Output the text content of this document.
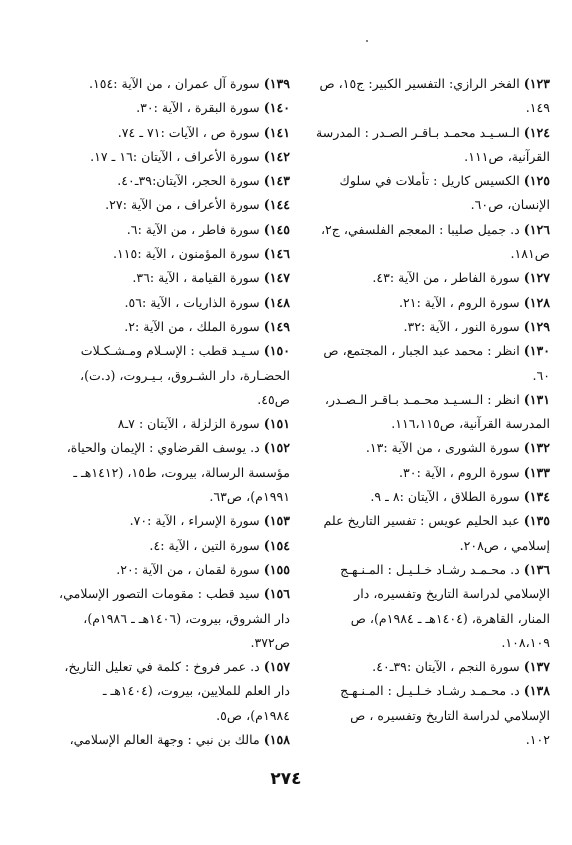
١٢٣)الفخر الرازي: التفسير الكبير: ج١٥، ص
١٤٩.
١٢٤)الـسـيـد محمـد بـاقـر الصـدر : المدرسة
القرآنية، ص١١١.
١٢٥)الكسيس كاريل : تأملات في سلوك
الإنسان، ص٦٠.
١٢٦)د. جميل صليبا : المعجم الفلسفي، ج٢،
ص١٨١.
١٢٧)سورة الفاطر ، من الآية :٤٣.
١٢٨)سورة الروم ، الآية :٢١.
١٢٩)سورة النور ، الآية :٣٢.
١٣٠)انظر : محمد عبد الجبار ، المجتمع، ص
٦٠.
١٣١)انظر : الـسـيـد محـمـد بـاقـر الـصـدر،
المدرسة القرآنية، ص١١٦،١١٥.
١٣٢)سورة الشورى ، من الآية :١٣.
١٣٣)سورة الروم ، الآية :٣٠.
١٣٤)سورة الطلاق ، الآيتان :٨ ـ ٩.
١٣٥)عبد الحليم عويس : تفسير التاريخ علم
إسلامي ، ص٢٠٨.
١٣٦)د. محـمـد رشـاد خـلـيـل : المـنـهـج
الإسلامي لدراسة التاريخ وتفسيره، دار
المنار، القاهرة، (١٤٠٤هـ ـ ١٩٨٤م)، ص
١٠٨،١٠٩.
١٣٧)سورة النجم ، الآيتان :٣٩ـ٤٠.
١٣٨)د. محـمـد رشـاد خـلـيـل : المـنـهـج
الإسلامي لدراسة التاريخ وتفسيره ، ص
١٠٢.
١٣٩)سورة آل عمران ، من الآية :١٥٤.
١٤٠)سورة البقرة ، الآية :٣٠.
١٤١)سورة ص ، الآيات :٧١ ـ ٧٤.
١٤٢)سورة الأعراف ، الآيتان :١٦ ـ ١٧.
١٤٣)سورة الحجر، الآيتان:٣٩ـ٤٠.
١٤٤)سورة الأعراف ، من الآية :٢٧.
١٤٥)سورة فاطر ، من الآية :٦.
١٤٦)سورة المؤمنون ، الآية :١١٥.
١٤٧)سورة القيامة ، الآية :٣٦.
١٤٨)سورة الذاريات ، الآية :٥٦.
١٤٩)سورة الملك ، من الآية :٢.
١٥٠)سـيـد قطب : الإسـلام ومـشـكـلات
الحضـارة، دار الشـروق، بـيـروت، (د.ت)،
ص٤٥.
١٥١)سورة الزلزلة ، الآيتان : ٧ـ٨
١٥٢)د. يوسف القرضاوي : الإيمان والحياة،
مؤسسة الرسالة، بيروت، ط١٥، (١٤١٢هـ ـ
١٩٩١م)، ص٦٣.
١٥٣)سورة الإسراء ، الآية :٧٠.
١٥٤)سورة التين ، الآية :٤.
١٥٥)سورة لقمان ، من الآية :٢٠.
١٥٦)سيد قطب : مقومات التصور الإسلامي،
دار الشروق، بيروت، (١٤٠٦هـ ـ ١٩٨٦م)،
ص٣٧٢.
١٥٧)د. عمر فروخ : كلمة في تعليل التاريخ،
دار العلم للملايين، بيروت، (١٤٠٤هـ ـ
١٩٨٤م)، ص٥.
١٥٨)مالك بن نبي : وجهة العالم الإسلامي،
٢٧٤
